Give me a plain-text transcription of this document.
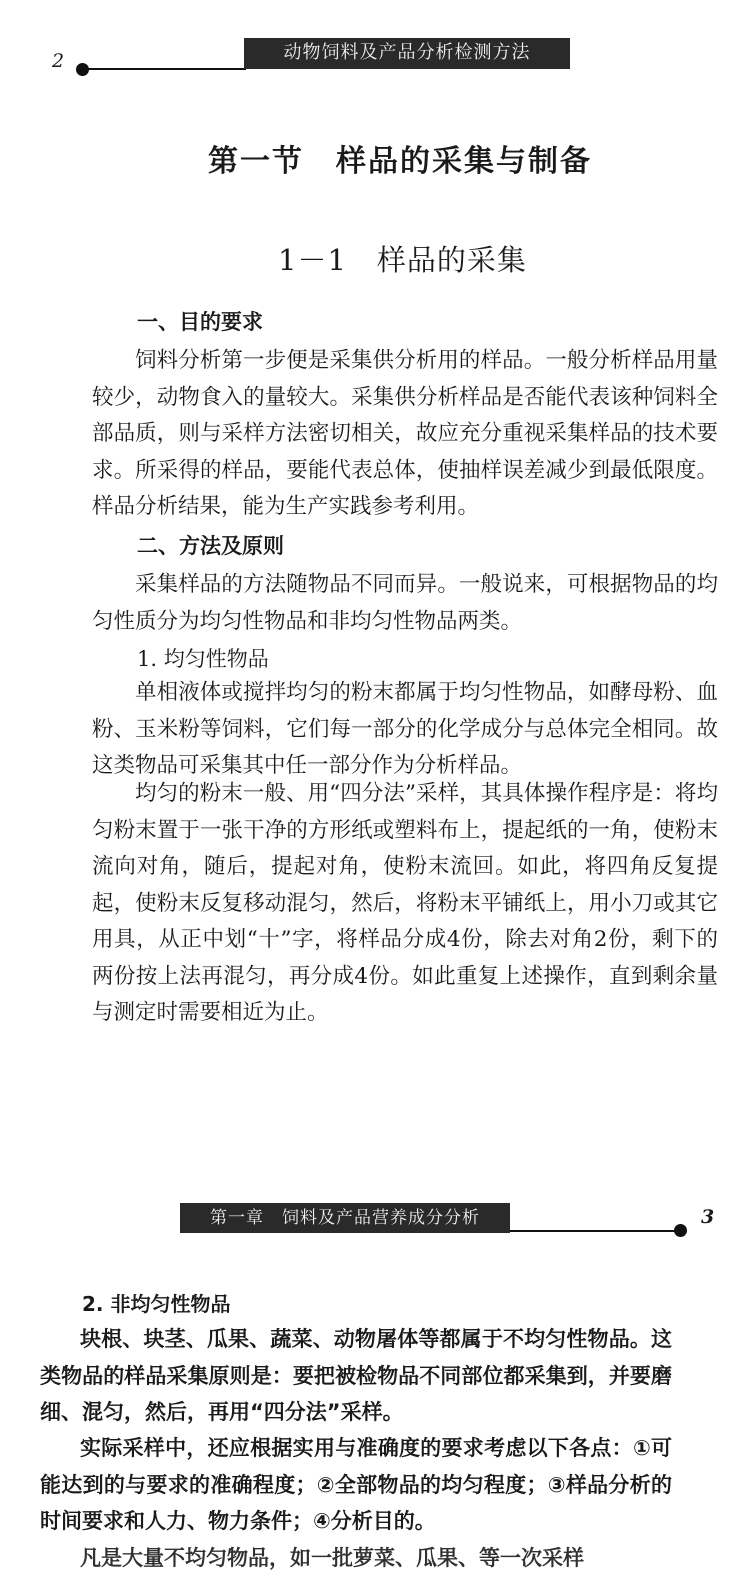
2	动物饲料及产品分析检测方法
第一节　样品的采集与制备
1－1　样品的采集
一、目的要求

饲料分析第一步便是采集供分析用的样品。一般分析样品用量较少，动物食入的量较大。采集供分析样品是否能代表该种饲料全部品质，则与采样方法密切相关，故应充分重视采集样品的技术要求。所采得的样品，要能代表总体，使抽样误差减少到最低限度。样品分析结果，能为生产实践参考利用。

二、方法及原则

采集样品的方法随物品不同而异。一般说来，可根据物品的均匀性质分为均匀性物品和非均匀性物品两类。

1. 均匀性物品

单相液体或搅拌均匀的粉末都属于均匀性物品，如酵母粉、血粉、玉米粉等饲料，它们每一部分的化学成分与总体完全相同。故这类物品可采集其中任一部分作为分析样品。

均匀的粉末一般、用“四分法”采样，其具体操作程序是：将均匀粉末置于一张干净的方形纸或塑料布上，提起纸的一角，使粉末流向对角，随后，提起对角，使粉末流回。如此，将四角反复提起，使粉末反复移动混匀，然后，将粉末平铺纸上，用小刀或其它用具，从正中划“十”字，将样品分成4份，除去对角2份，剩下的两份按上法再混匀，再分成4份。如此重复上述操作，直到剩余量与测定时需要相近为止。

第一章　饲料及产品营养成分分析	3
2. 非均匀性物品

块根、块茎、瓜果、蔬菜、动物屠体等都属于不均匀性物品。这类物品的样品采集原则是：要把被检物品不同部位都采集到，并要磨细、混匀，然后，再用“四分法”采样。

实际采样中，还应根据实用与准确度的要求考虑以下各点：①可能达到的与要求的准确程度；②全部物品的均匀程度；③样品分析的时间要求和人力、物力条件；④分析目的。

凡是大量不均匀物品，如一批萝菜、瓜果、等一次采样
